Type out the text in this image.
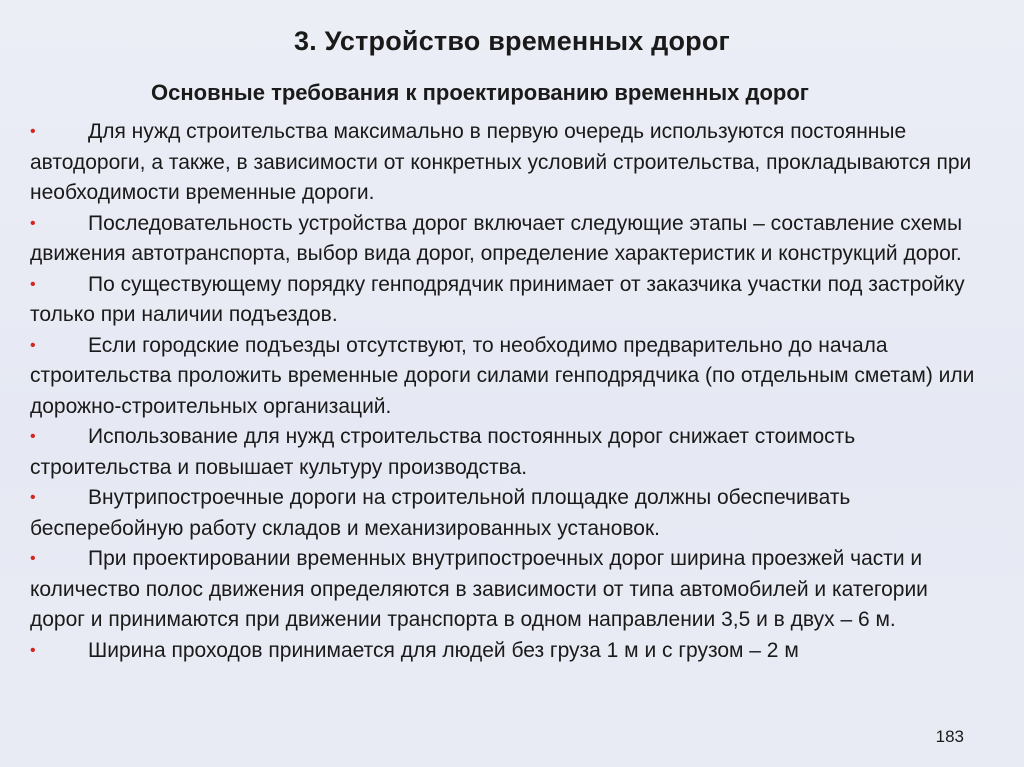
3. Устройство временных дорог
Основные требования к проектированию временных дорог

• Для нужд строительства максимально в первую очередь используются постоянные автодороги, а также, в зависимости от конкретных условий строительства, прокладываются при необходимости временные дороги.

• Последовательность устройства дорог включает следующие этапы – составление схемы движения автотранспорта, выбор вида дорог, определение характеристик и конструкций дорог.

• По существующему порядку генподрядчик принимает от заказчика участки под застройку только при наличии подъездов.

• Если городские подъезды отсутствуют, то необходимо предварительно до начала строительства проложить временные дороги силами генподрядчика (по отдельным сметам) или дорожно-строительных организаций.

• Использование для нужд строительства постоянных дорог снижает стоимость строительства и повышает культуру производства.

• Внутрипостроечные дороги на строительной площадке должны обеспечивать бесперебойную работу складов и механизированных установок.

• При проектировании временных внутрипостроечных дорог ширина проезжей части и количество полос движения определяются в зависимости от типа автомобилей и категории дорог и принимаются при движении транспорта в одном направлении 3,5 и в двух – 6 м.

• Ширина проходов принимается для людей без груза 1 м и с грузом – 2 м

183
